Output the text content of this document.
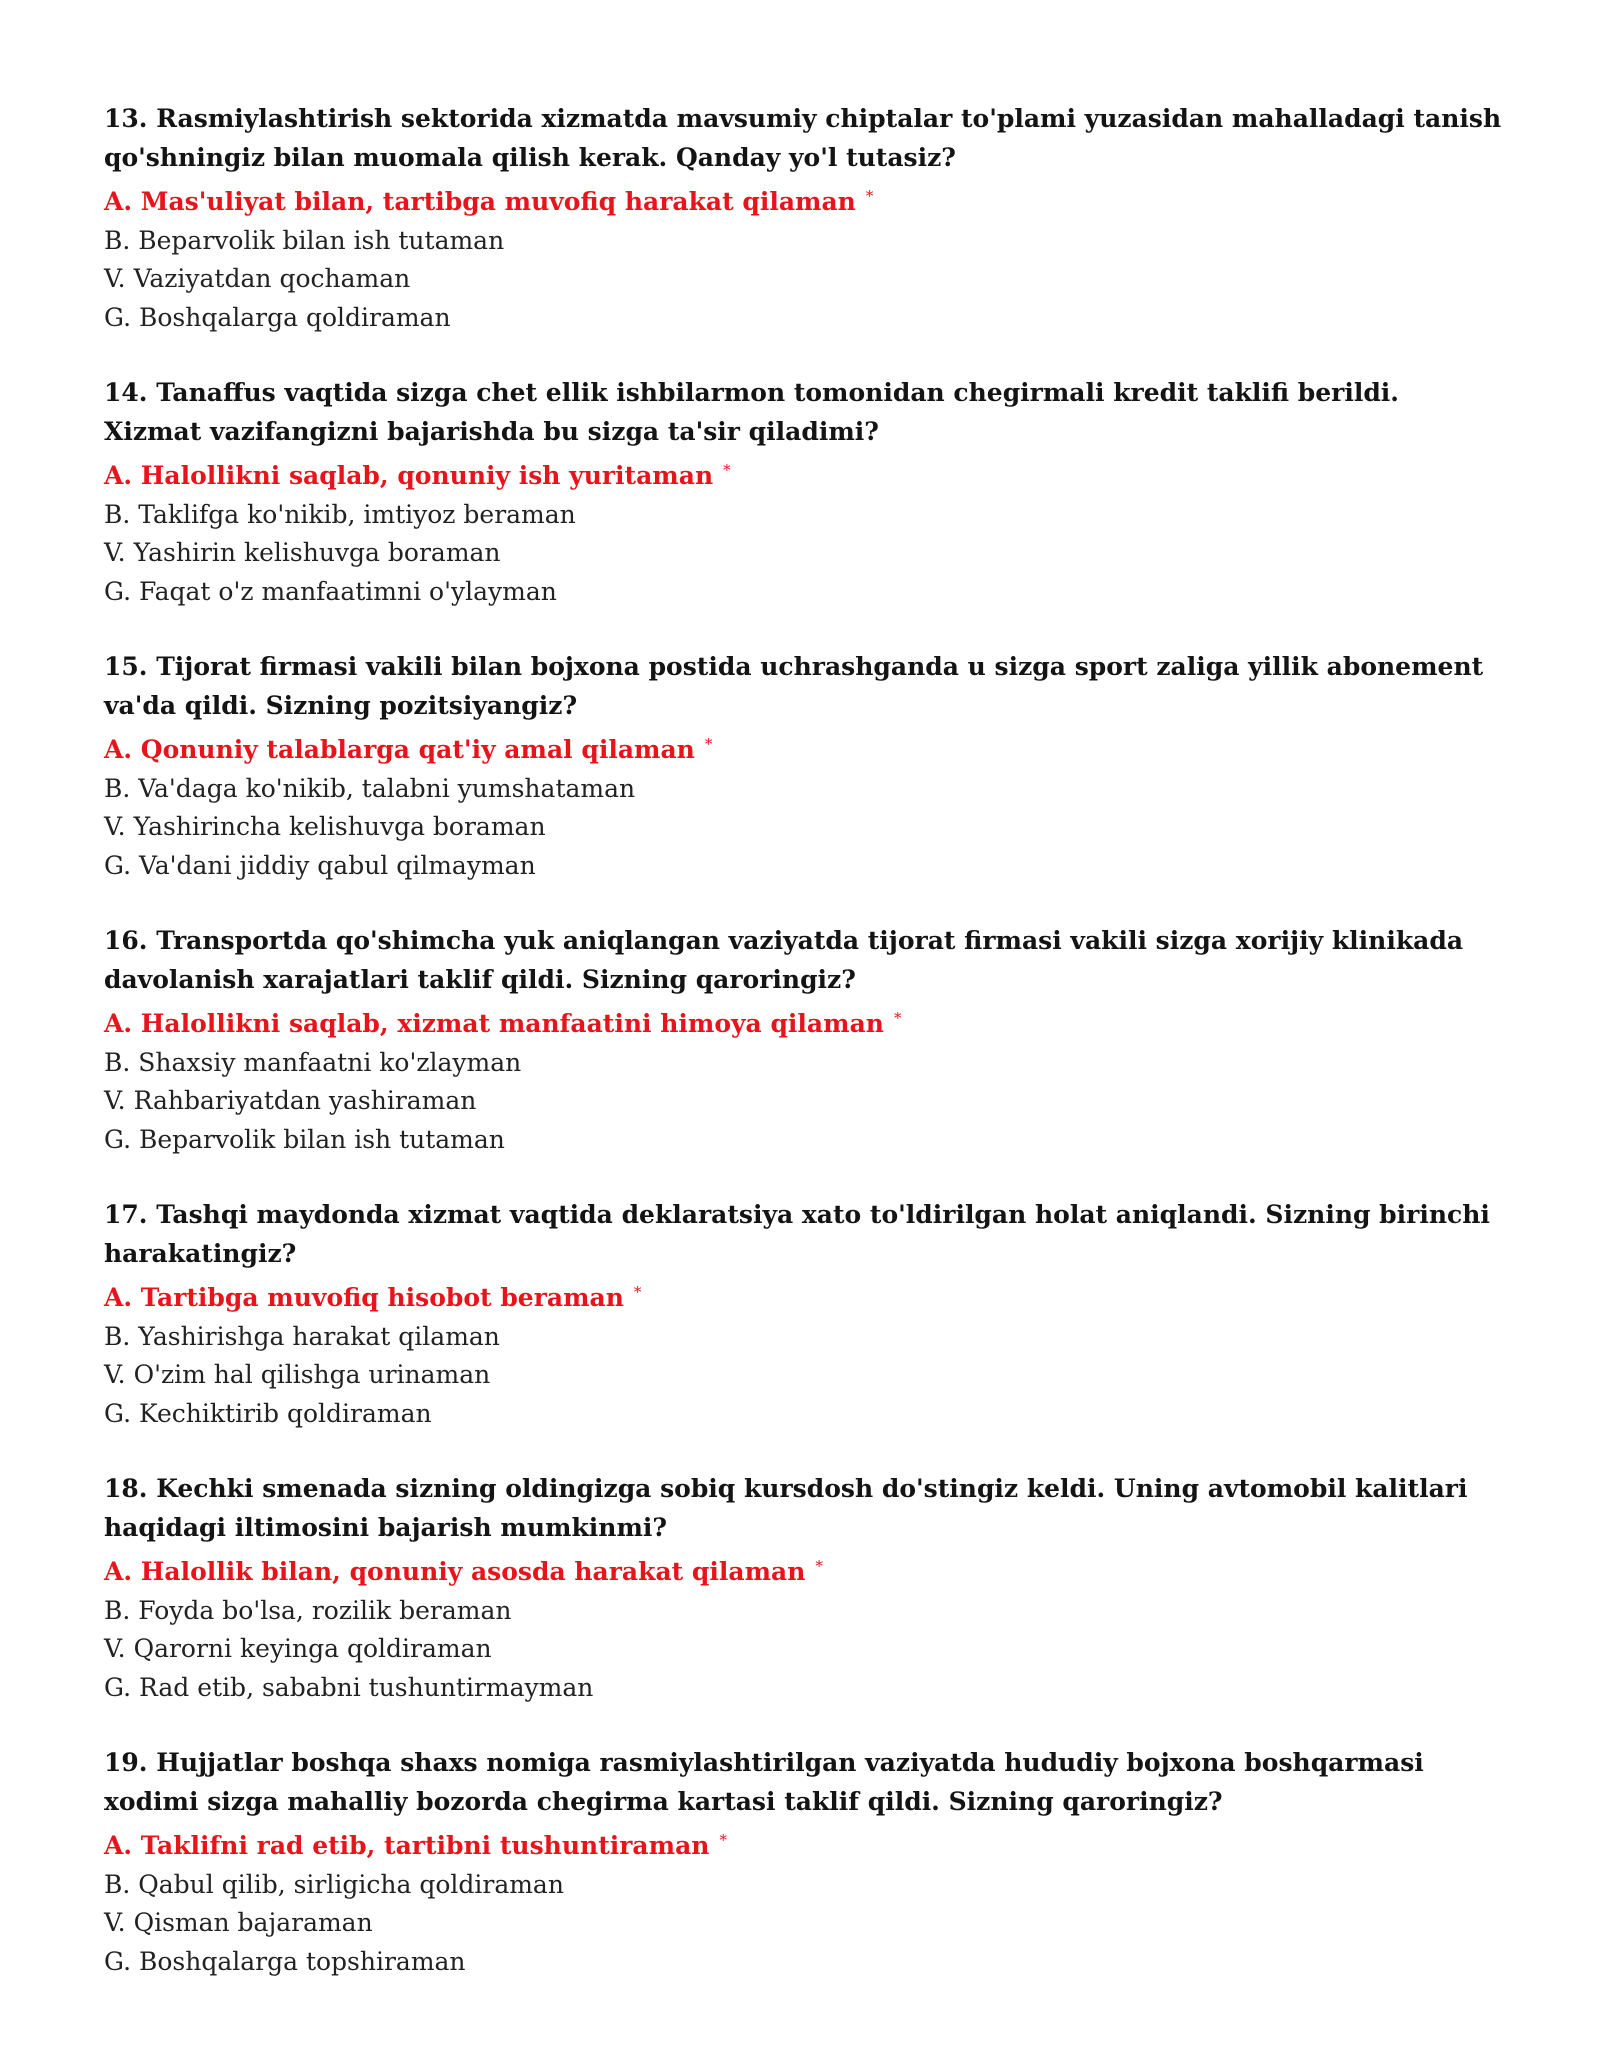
13. Rasmiylashtirish sektorida xizmatda mavsumiy chiptalar to'plami yuzasidan mahalladagi tanish qo'shningiz bilan muomala qilish kerak. Qanday yo'l tutasiz?

A. Mas'uliyat bilan, tartibga muvofiq harakat qilaman *

B. Beparvolik bilan ish tutaman

V. Vaziyatdan qochaman

G. Boshqalarga qoldiraman

14. Tanaffus vaqtida sizga chet ellik ishbilarmon tomonidan chegirmali kredit taklifi berildi. Xizmat vazifangizni bajarishda bu sizga ta'sir qiladimi?

A. Halollikni saqlab, qonuniy ish yuritaman *

B. Taklifga ko'nikib, imtiyoz beraman

V. Yashirin kelishuvga boraman

G. Faqat o'z manfaatimni o'ylayman

15. Tijorat firmasi vakili bilan bojxona postida uchrashganda u sizga sport zaliga yillik abonement va'da qildi. Sizning pozitsiyangiz?

A. Qonuniy talablarga qat'iy amal qilaman *

B. Va'daga ko'nikib, talabni yumshataman

V. Yashirincha kelishuvga boraman

G. Va'dani jiddiy qabul qilmayman

16. Transportda qo'shimcha yuk aniqlangan vaziyatda tijorat firmasi vakili sizga xorijiy klinikada davolanish xarajatlari taklif qildi. Sizning qaroringiz?

A. Halollikni saqlab, xizmat manfaatini himoya qilaman *

B. Shaxsiy manfaatni ko'zlayman

V. Rahbariyatdan yashiraman

G. Beparvolik bilan ish tutaman

17. Tashqi maydonda xizmat vaqtida deklaratsiya xato to'ldirilgan holat aniqlandi. Sizning birinchi harakatingiz?

A. Tartibga muvofiq hisobot beraman *

B. Yashirishga harakat qilaman

V. O'zim hal qilishga urinaman

G. Kechiktirib qoldiraman

18. Kechki smenada sizning oldingizga sobiq kursdosh do'stingiz keldi. Uning avtomobil kalitlari haqidagi iltimosini bajarish mumkinmi?

A. Halollik bilan, qonuniy asosda harakat qilaman *

B. Foyda bo'lsa, rozilik beraman

V. Qarorni keyinga qoldiraman

G. Rad etib, sababni tushuntirmayman

19. Hujjatlar boshqa shaxs nomiga rasmiylashtirilgan vaziyatda hududiy bojxona boshqarmasi xodimi sizga mahalliy bozorda chegirma kartasi taklif qildi. Sizning qaroringiz?

A. Taklifni rad etib, tartibni tushuntiraman *

B. Qabul qilib, sirligicha qoldiraman

V. Qisman bajaraman

G. Boshqalarga topshiraman
